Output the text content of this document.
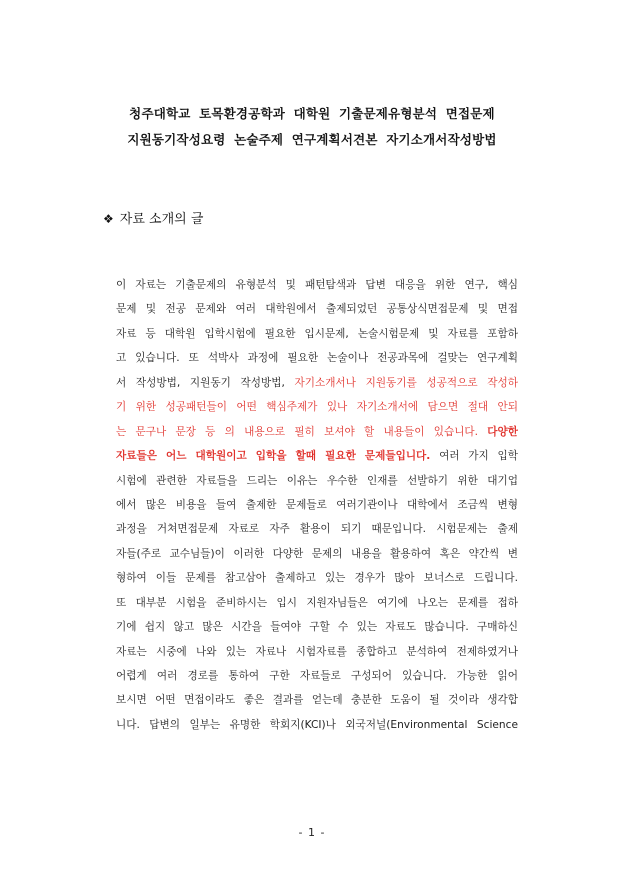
청주대학교 토목환경공학과 대학원 기출문제유형분석 면접문제
지원동기작성요령 논술주제 연구계획서견본 자기소개서작성방법
❖ 자료 소개의 글
이 자료는 기출문제의 유형분석 및 패턴탐색과 답변 대응을 위한 연구, 핵심
문제 및 전공 문제와 여러 대학원에서 출제되었던 공통상식면접문제 및 면접
자료 등 대학원 입학시험에 필요한 입시문제, 논술시험문제 및 자료를 포함하
고 있습니다. 또 석박사 과정에 필요한 논술이나 전공과목에 걸맞는 연구계획
서 작성방법, 지원동기 작성방법, 자기소개서나 지원동기를 성공적으로 작성하
기 위한 성공패턴들이 어떤 핵심주제가 있나 자기소개서에 담으면 절대 안되
는 문구나 문장 등 의 내용으로 필히 보셔야 할 내용들이 있습니다. 다양한
자료들은 어느 대학원이고 입학을 할때 필요한 문제들입니다. 여러 가지 입학
시험에 관련한 자료들을 드리는 이유는 우수한 인재를 선발하기 위한 대기업
에서 많은 비용을 들여 출제한 문제들로 여러기관이나 대학에서 조금씩 변형
과정을 거쳐면접문제 자료로 자주 활용이 되기 때문입니다. 시험문제는 출제
자들(주로 교수님들)이 이러한 다양한 문제의 내용을 활용하여 혹은 약간씩 변
형하여 이들 문제를 참고삼아 출제하고 있는 경우가 많아 보너스로 드립니다.
또 대부분 시험을 준비하시는 입시 지원자님들은 여기에 나오는 문제를 접하
기에 쉽지 않고 많은 시간을 들여야 구할 수 있는 자료도 많습니다. 구매하신
자료는 시중에 나와 있는 자료나 시험자료를 종합하고 분석하여 전제하였거나
어렵게 여러 경로를 통하여 구한 자료들로 구성되어 있습니다. 가능한 읽어
보시면 어떤 면접이라도 좋은 결과를 얻는데 충분한 도움이 될 것이라 생각합
니다. 답변의 일부는 유명한 학회지(KCI)나 외국저널(Environmental Science
- 1 -
